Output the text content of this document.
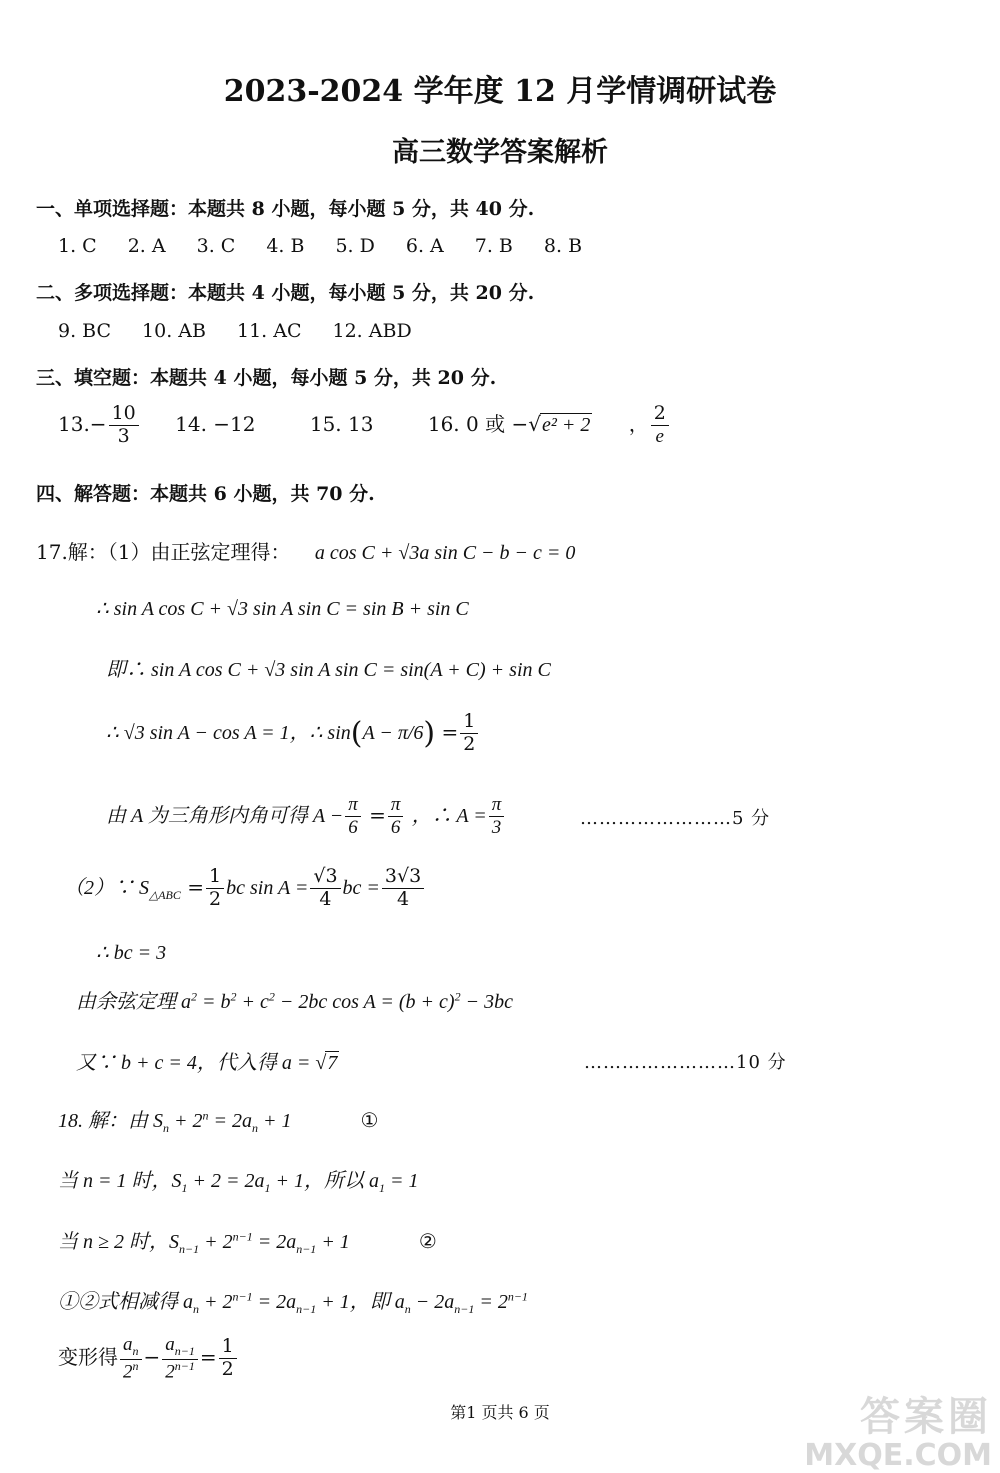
2023-2024 学年度 12 月学情调研试卷
高三数学答案解析
一、单项选择题：本题共 8 小题，每小题 5 分，共 40 分.
1. C 2. A 3. C 4. B 5. D 6. A 7. B 8. B
二、多项选择题：本题共 4 小题，每小题 5 分，共 20 分.
9. BC 10. AB 11. AC 12. ABD
三、填空题：本题共 4 小题，每小题 5 分，共 20 分.
$13.- \frac{10}{3} 14$. −12	15. 13	16. 0 或 −√e² + 2 ， $\frac{2}{e}$
四、解答题：本题共 6 小题，共 70 分.
17.解：（1）由正弦定理得： a cos C + √3a sin C − b − c = 0
∴ sin A cos C + √3 sin A sin C = sin B + sin C
即∴ sin A cos C + √3 sin A sin C = sin(A + C) + sin C
∴ √3 sin A − cos A = 1，∴ $\sin(A - \pi/6) = \frac{1}{2}$
由 A 为三角形内角可得 $A - \frac{\pi}{6} = \frac{\pi}{6}$ ，∴ $A = \frac{\pi}{3}$	……………………5 分
（2）∵ $S_{\triangle ABC} = \frac{1}{2}$ bc $\sin A = \frac{√3}{4}$ bc = $\frac{3√3}{4}$
∴ bc = 3
由余弦定理 $a^2 = b^2 + c^2 - 2bc$ $\cos A = (b + c)^2 - 3bc$
又∵ b + c = 4，代入得 a = √7	……………………10 分
18. 解：由 $S_n + 2^n = 2a_n + 1$	①
当 n = 1 时，$S_1 + 2 = 2a_1 + 1$，所以 $a_1 = 1$
当 n ≥ 2 时，$S_{n-1} + 2^{n-1} = 2a_{n-1} + 1$	②
①②式相减得 $a_n + 2^{n-1} = 2a_{n-1} + 1$，即 $a_n - 2a_{n-1} = 2^{n-1}$
变形得 $\frac{a_n}{2^n} - \frac{a_{n-1}}{2^{n-1}} = \frac{1}{2}$
第1 页共 6 页	答案圈
MXQE.COM
